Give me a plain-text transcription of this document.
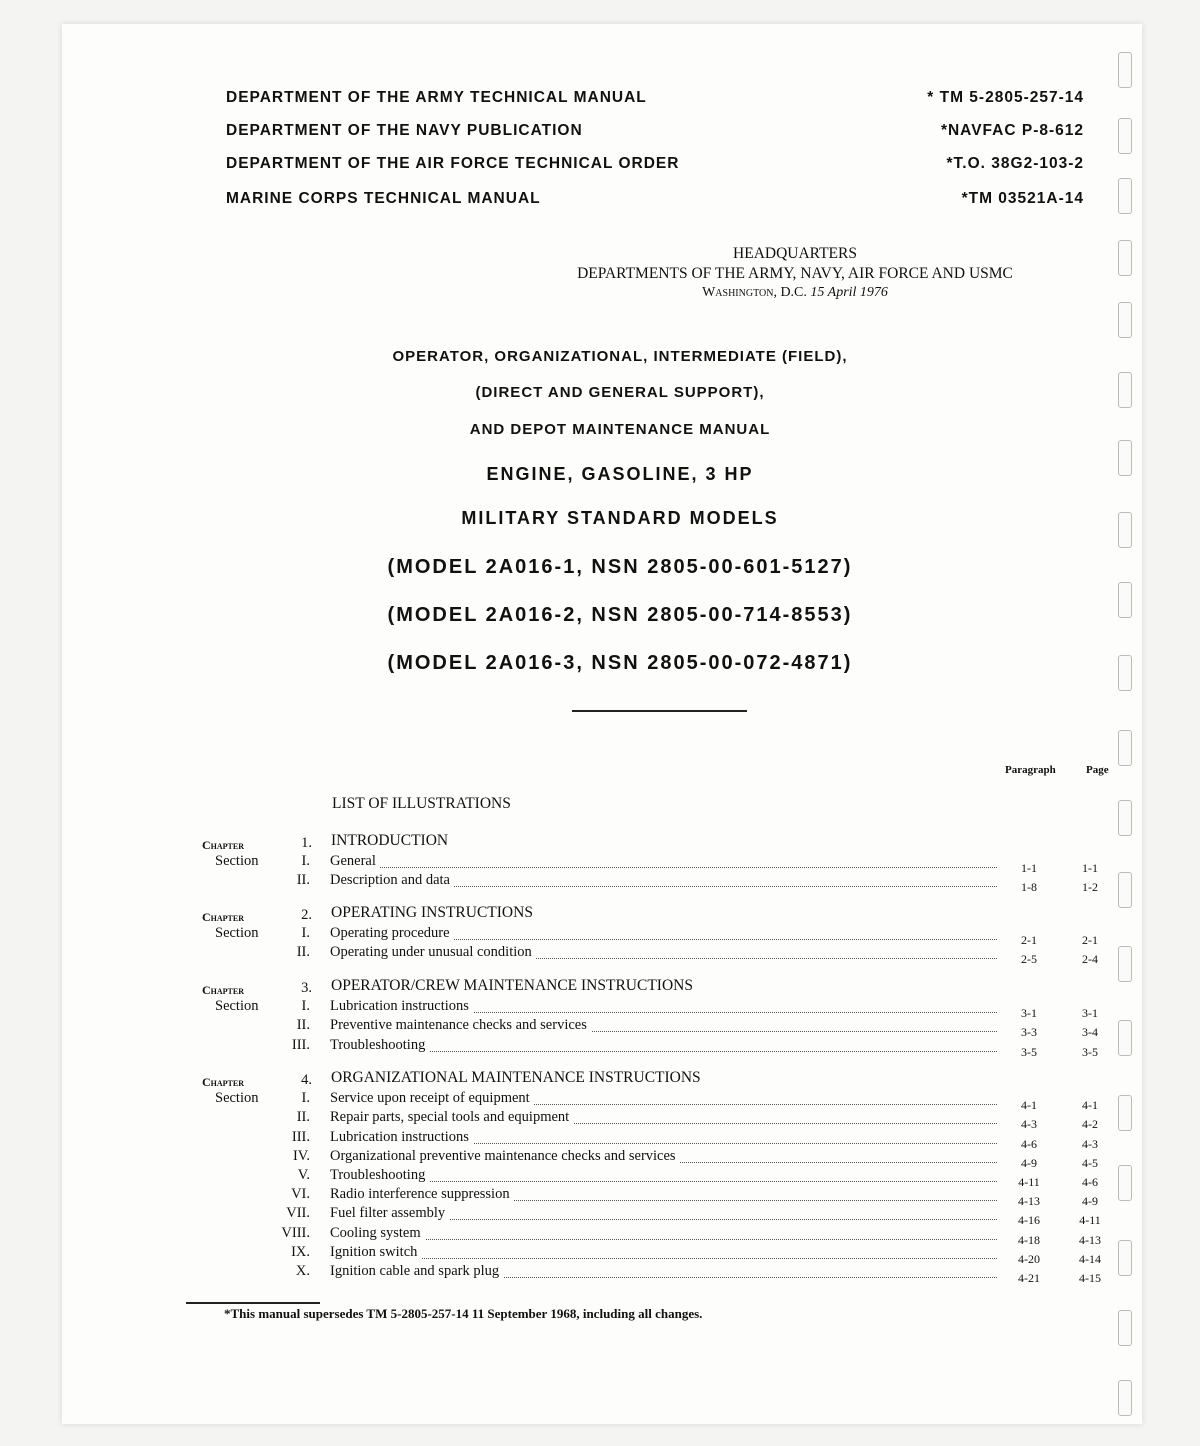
DEPARTMENT OF THE ARMY TECHNICAL MANUAL	* TM 5-2805-257-14
DEPARTMENT OF THE NAVY PUBLICATION	*NAVFAC P-8-612
DEPARTMENT OF THE AIR FORCE TECHNICAL ORDER	*T.O. 38G2-103-2
MARINE CORPS TECHNICAL MANUAL	*TM 03521A-14
HEADQUARTERS
DEPARTMENTS OF THE ARMY, NAVY, AIR FORCE AND USMC
Washington, D.C. 15 April 1976
OPERATOR, ORGANIZATIONAL, INTERMEDIATE (FIELD),
(DIRECT AND GENERAL SUPPORT),
AND DEPOT MAINTENANCE MANUAL
ENGINE, GASOLINE, 3 HP
MILITARY STANDARD MODELS
(MODEL 2A016-1, NSN 2805-00-601-5127)
(MODEL 2A016-2, NSN 2805-00-714-8553)
(MODEL 2A016-3, NSN 2805-00-072-4871)
Paragraph	Page
LIST OF ILLUSTRATIONS
Chapter	1. INTRODUCTION
Section	I. General	1-1	1-1
II. Description and data	1-8	1-2
Chapter	2. OPERATING INSTRUCTIONS
Section	I. Operating procedure	2-1	2-1
II. Operating under unusual condition	2-5	2-4
Chapter	3. OPERATOR/CREW MAINTENANCE INSTRUCTIONS
Section	I. Lubrication instructions	3-1	3-1
II. Preventive maintenance checks and services	3-3	3-4
III. Troubleshooting	3-5	3-5
Chapter	4. ORGANIZATIONAL MAINTENANCE INSTRUCTIONS
Section	I. Service upon receipt of equipment	4-1	4-1
II. Repair parts, special tools and equipment	4-3	4-2
III. Lubrication instructions	4-6	4-3
IV. Organizational preventive maintenance checks and services	4-9	4-5
V. Troubleshooting	4-11	4-6
VI. Radio interference suppression	4-13	4-9
VII. Fuel filter assembly	4-16	4-11
VIII. Cooling system	4-18	4-13
IX. Ignition switch	4-20	4-14
X. Ignition cable and spark plug	4-21	4-15
*This manual supersedes TM 5-2805-257-14 11 September 1968, including all changes.
